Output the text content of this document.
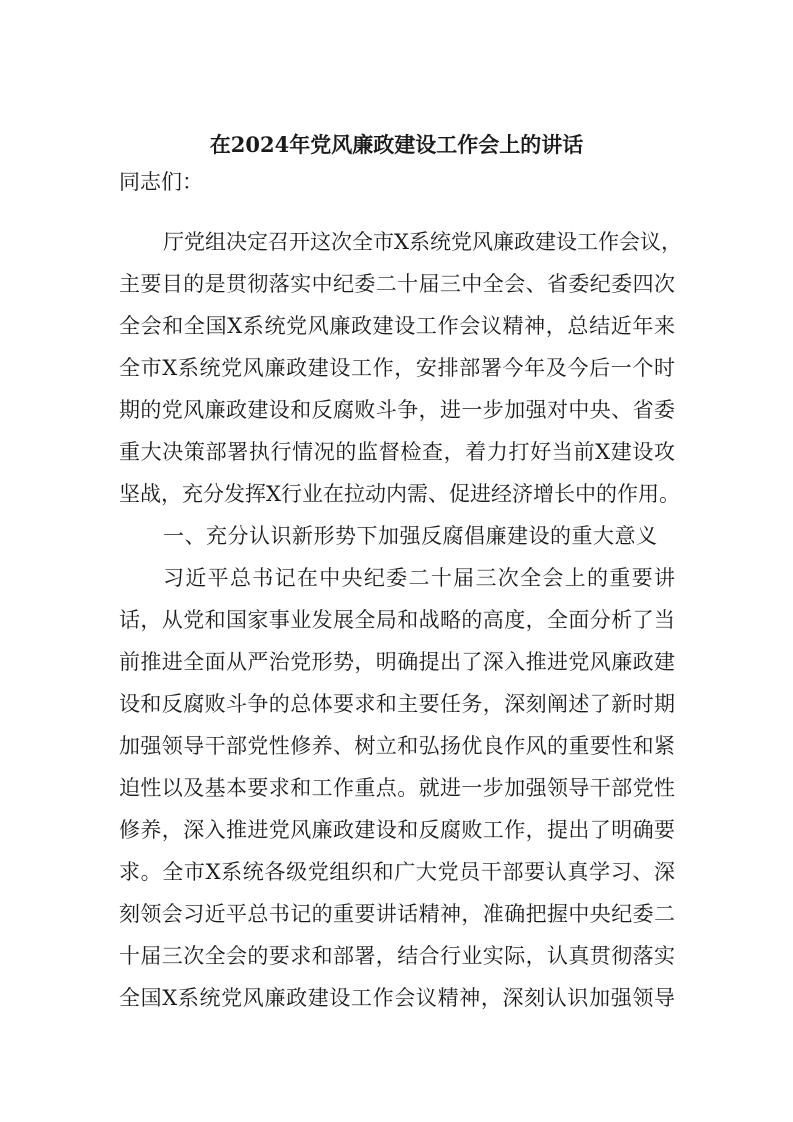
在2024年党风廉政建设工作会上的讲话
同志们：
厅党组决定召开这次全市X系统党风廉政建设工作会议，
主要目的是贯彻落实中纪委二十届三中全会、省委纪委四次
全会和全国X系统党风廉政建设工作会议精神，总结近年来
全市X系统党风廉政建设工作，安排部署今年及今后一个时
期的党风廉政建设和反腐败斗争，进一步加强对中央、省委
重大决策部署执行情况的监督检查，着力打好当前X建设攻
坚战，充分发挥X行业在拉动内需、促进经济增长中的作用。
一、充分认识新形势下加强反腐倡廉建设的重大意义
习近平总书记在中央纪委二十届三次全会上的重要讲
话，从党和国家事业发展全局和战略的高度，全面分析了当
前推进全面从严治党形势，明确提出了深入推进党风廉政建
设和反腐败斗争的总体要求和主要任务，深刻阐述了新时期
加强领导干部党性修养、树立和弘扬优良作风的重要性和紧
迫性以及基本要求和工作重点。就进一步加强领导干部党性
修养，深入推进党风廉政建设和反腐败工作，提出了明确要
求。全市X系统各级党组织和广大党员干部要认真学习、深
刻领会习近平总书记的重要讲话精神，准确把握中央纪委二
十届三次全会的要求和部署，结合行业实际，认真贯彻落实
全国X系统党风廉政建设工作会议精神，深刻认识加强领导
